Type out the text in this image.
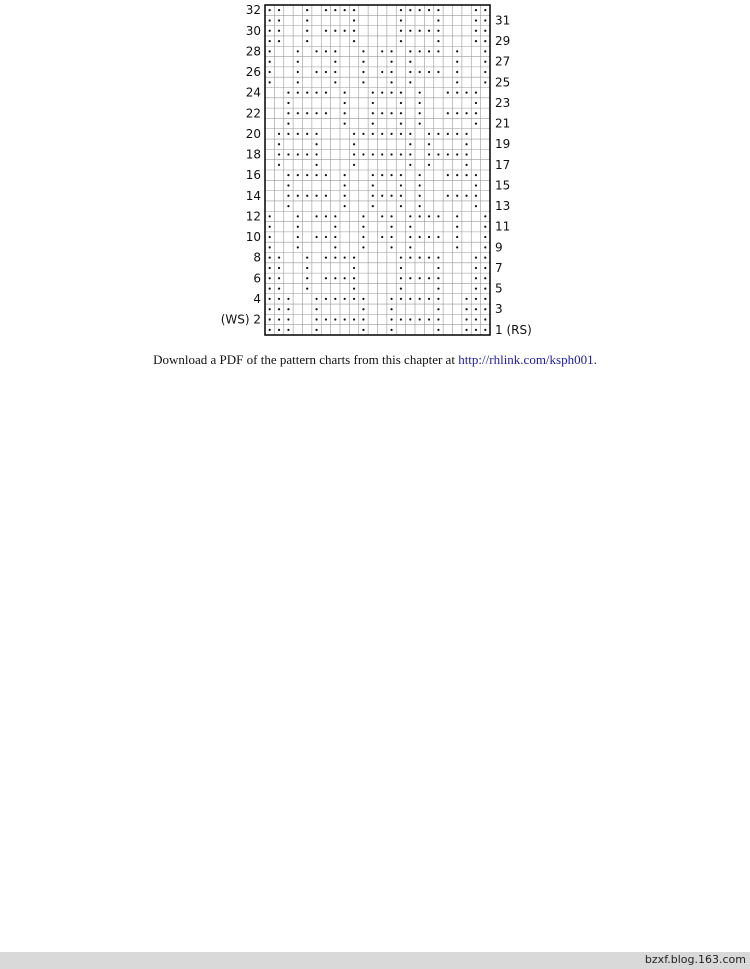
32
30
28
26
24
22
20
18
16
14
12
10
8
6
4
(WS) 2
31
29
27
25
23
21
19
17
15
13
11
9
7
5
3
1 (RS)
Download a PDF of the pattern charts from this chapter at http://rhlink.com/ksph001.
bzxf.blog.163.com
